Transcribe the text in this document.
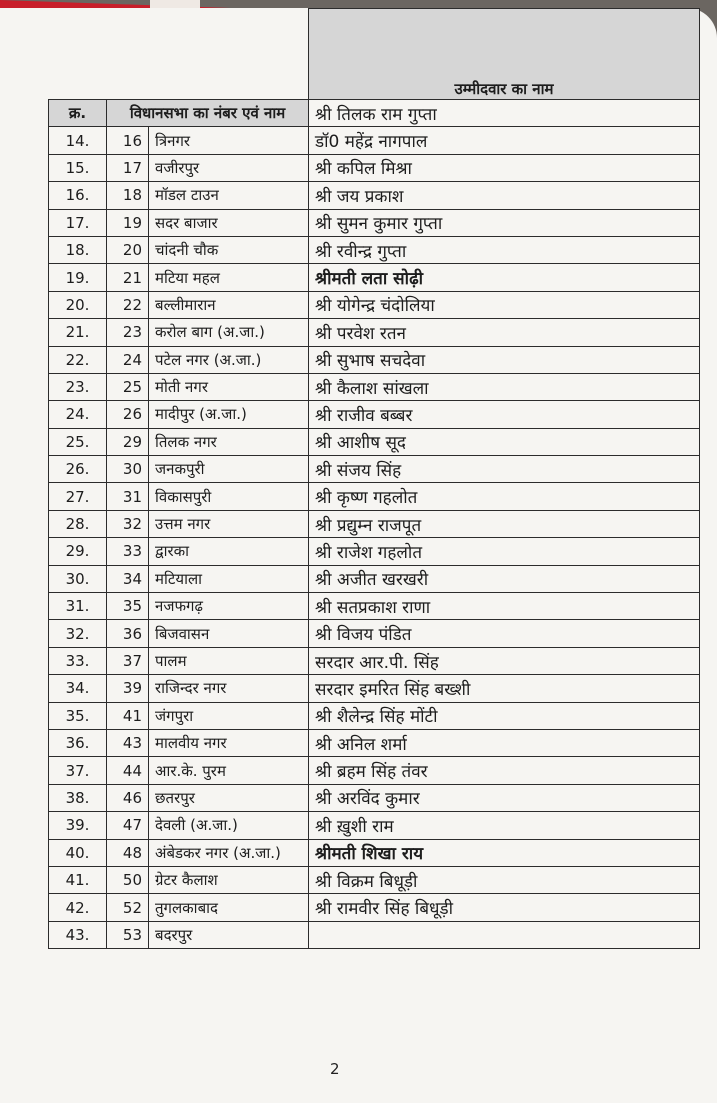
			उम्मीदवार का नाम
क्र.	विधानसभा का नंबर एवं नाम		श्री तिलक राम गुप्ता
14.	16	त्रिनगर	डॉ0 महेंद्र नागपाल
15.	17	वजीरपुर	श्री कपिल मिश्रा
16.	18	मॉडल टाउन	श्री जय प्रकाश
17.	19	सदर बाजार	श्री सुमन कुमार गुप्ता
18.	20	चांदनी चौक	श्री रवीन्द्र गुप्ता
19.	21	मटिया महल	श्रीमती लता सोढ़ी
20.	22	बल्लीमारान	श्री योगेन्द्र चंदोलिया
21.	23	करोल बाग (अ.जा.)	श्री परवेश रतन
22.	24	पटेल नगर (अ.जा.)	श्री सुभाष सचदेवा
23.	25	मोती नगर	श्री कैलाश सांखला
24.	26	मादीपुर (अ.जा.)	श्री राजीव बब्बर
25.	29	तिलक नगर	श्री आशीष सूद
26.	30	जनकपुरी	श्री संजय सिंह
27.	31	विकासपुरी	श्री कृष्ण गहलोत
28.	32	उत्तम नगर	श्री प्रद्युम्न राजपूत
29.	33	द्वारका	श्री राजेश गहलोत
30.	34	मटियाला	श्री अजीत खरखरी
31.	35	नजफगढ़	श्री सतप्रकाश राणा
32.	36	बिजवासन	श्री विजय पंडित
33.	37	पालम	सरदार आर.पी. सिंह
34.	39	राजिन्दर नगर	सरदार इमरित सिंह बख्शी
35.	41	जंगपुरा	श्री शैलेन्द्र सिंह मोंटी
36.	43	मालवीय नगर	श्री अनिल शर्मा
37.	44	आर.के. पुरम	श्री ब्रहम सिंह तंवर
38.	46	छतरपुर	श्री अरविंद कुमार
39.	47	देवली (अ.जा.)	श्री ख़ुशी राम
40.	48	अंबेडकर नगर (अ.जा.)	श्रीमती शिखा राय
41.	50	ग्रेटर कैलाश	श्री विक्रम बिधूड़ी
42.	52	तुगलकाबाद	श्री रामवीर सिंह बिधूड़ी
43.	53	बदरपुर	
2
